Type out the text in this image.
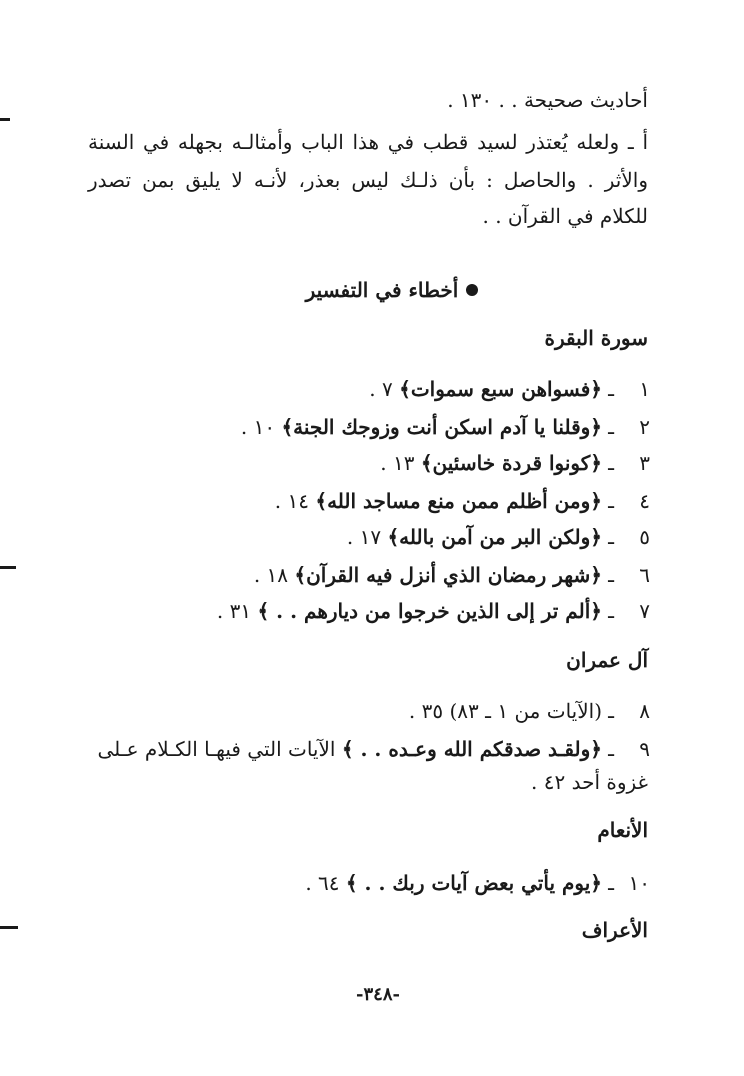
أحاديث صحيحة . . ١٣٠ .
أ ـ ولعله يُعتذر لسيد قطب في هذا الباب وأمثالـه بجهله في السنة
والأثر . والحاصل : بأن ذلـك ليس بعذر، لأنـه لا يليق بمن تصدر
للكلام في القرآن . .
أخطاء في التفسير
سورة البقرة
١ـ﴿فسواهن سبع سموات﴾ ٧ .
٢ـ﴿وقلنا يا آدم اسكن أنت وزوجك الجنة﴾ ١٠ .
٣ـ﴿كونوا قردة خاسئين﴾ ١٣ .
٤ـ﴿ومن أظلم ممن منع مساجد الله﴾ ١٤ .
٥ـ﴿ولكن البر من آمن بالله﴾ ١٧ .
٦ـ﴿شهر رمضان الذي أنزل فيه القرآن﴾ ١٨ .
٧ـ﴿ألم تر إلى الذين خرجوا من ديارهم . . ﴾ ٣١ .
آل عمران
٨ـ(الآيات من ١ ـ ٨٣) ٣٥ .
٩ـ﴿ولقـد صدقكم الله وعـده . . ﴾ الآيات التي فيهـا الكـلام عـلى
غزوة أحد ٤٢ .
الأنعام
١٠ـ﴿يوم يأتي بعض آيات ربك . . ﴾ ٦٤ .
الأعراف
-٣٤٨-
